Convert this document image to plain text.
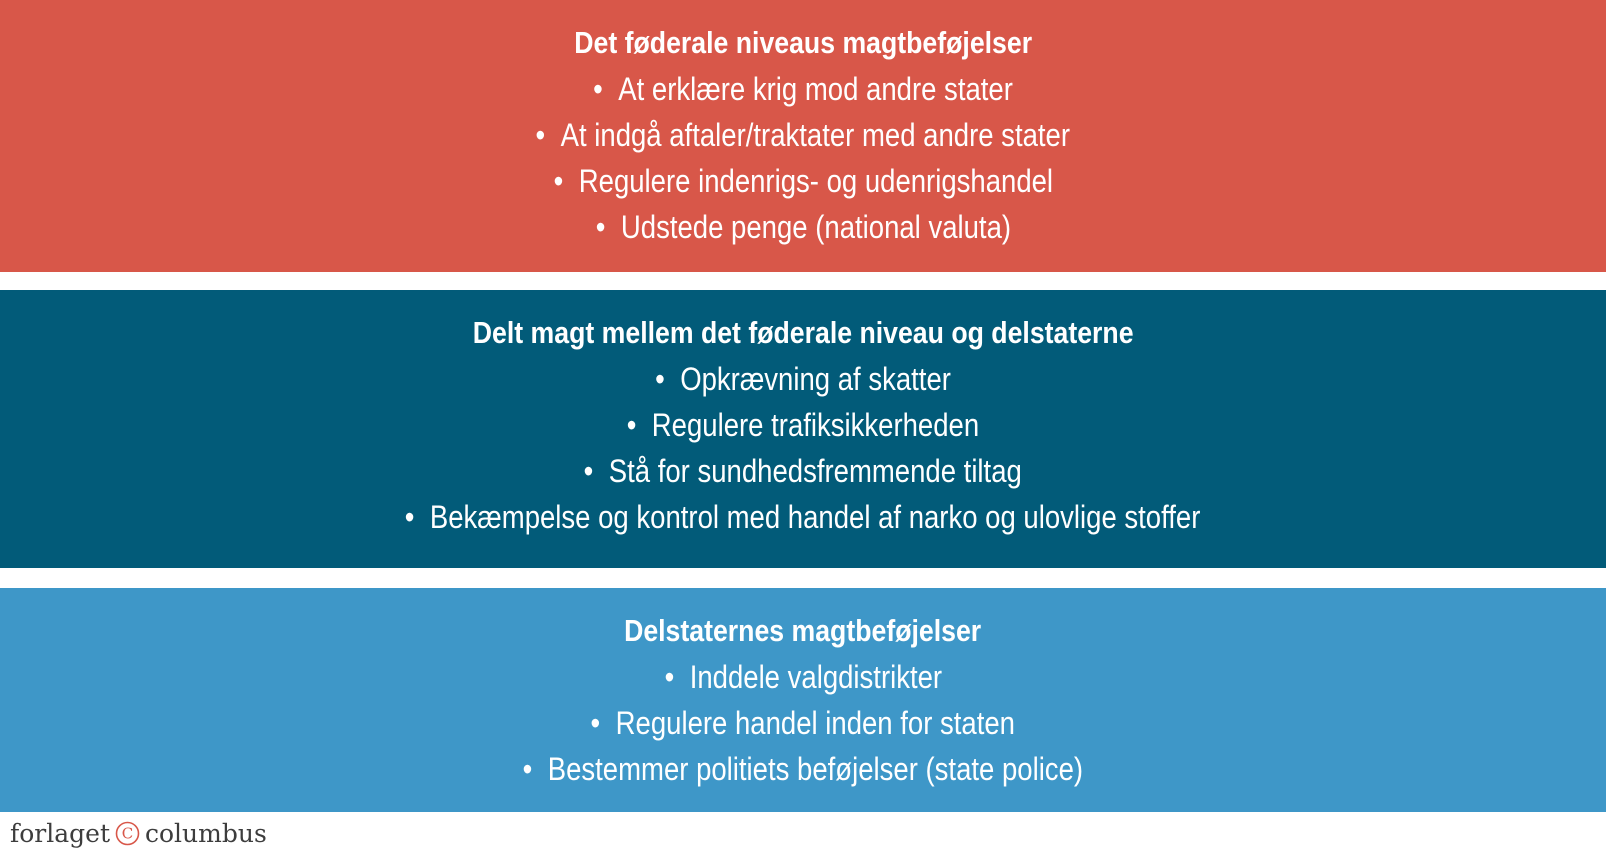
Det føderale niveaus magtbeføjelser
• At erklære krig mod andre stater
• At indgå aftaler/traktater med andre stater
• Regulere indenrigs- og udenrigshandel
• Udstede penge (national valuta)
Delt magt mellem det føderale niveau og delstaterne
• Opkrævning af skatter
• Regulere trafiksikkerheden
• Stå for sundhedsfremmende tiltag
• Bekæmpelse og kontrol med handel af narko og ulovlige stoffer
Delstaternes magtbeføjelser
• Inddele valgdistrikter
• Regulere handel inden for staten
• Bestemmer politiets beføjelser (state police)
forlaget C columbus
